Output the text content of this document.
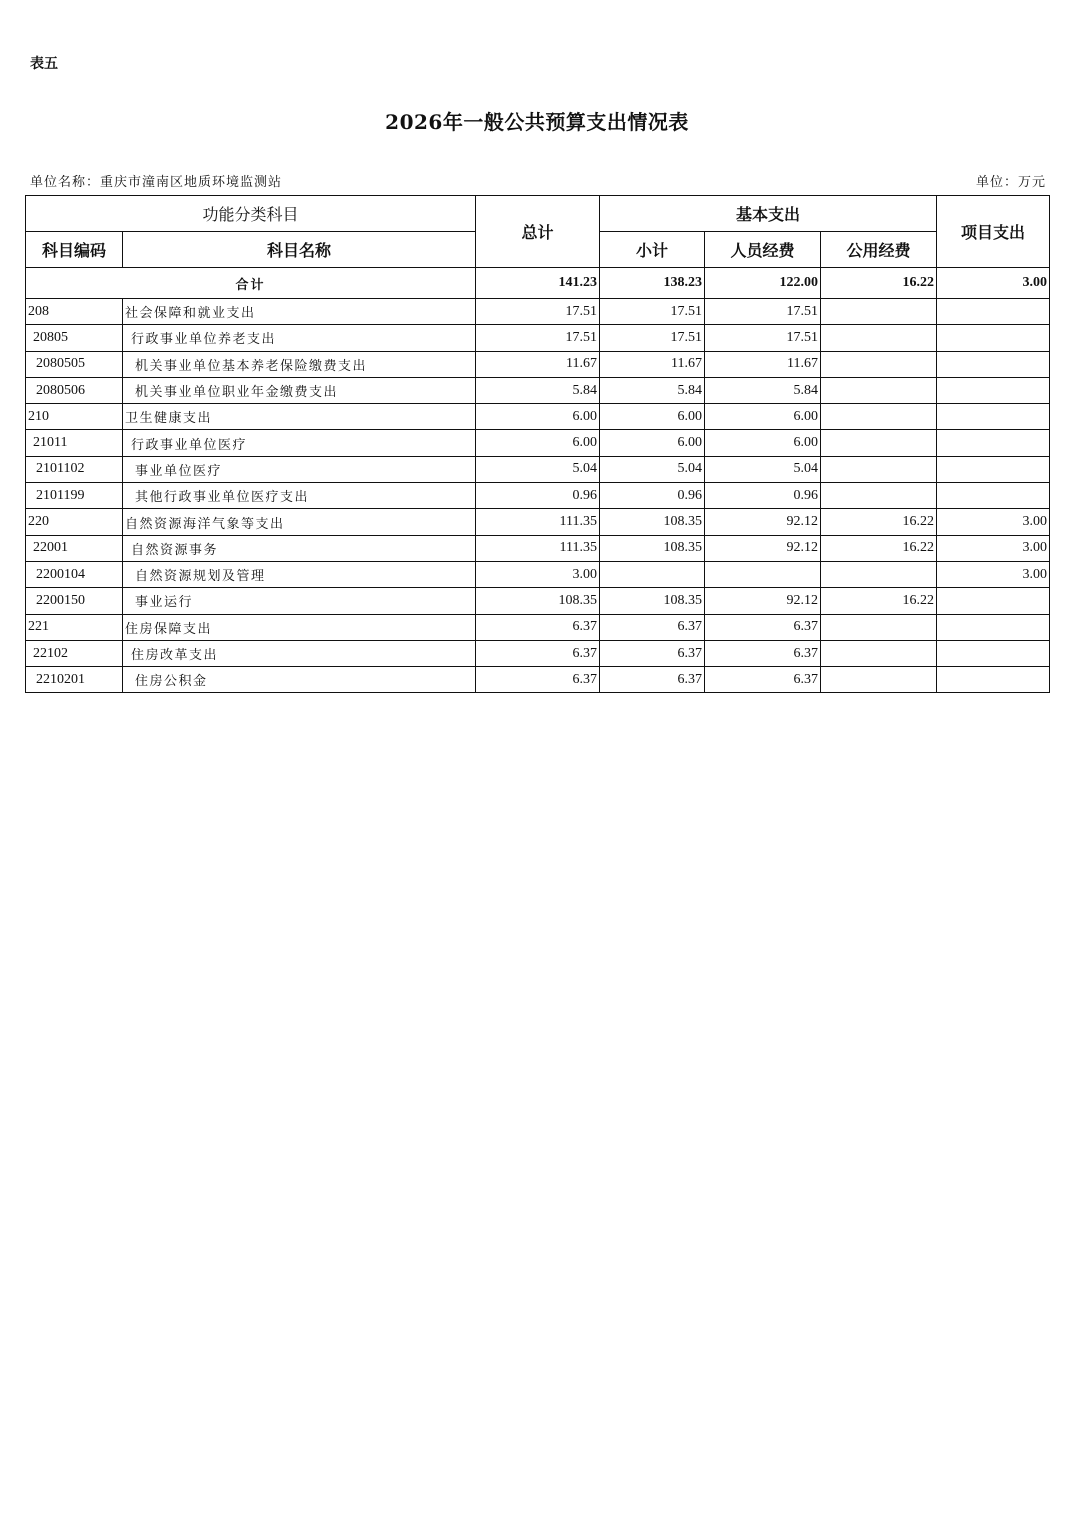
表五
2026年一般公共预算支出情况表
单位名称：重庆市潼南区地质环境监测站	单位：万元
功能分类科目		总计	基本支出			项目支出
科目编码	科目名称		小计	人员经费	公用经费	
合计		141.23	138.23	122.00	16.22	3.00
208	社会保障和就业支出	17.51	17.51	17.51		
20805	行政事业单位养老支出	17.51	17.51	17.51		
2080505	机关事业单位基本养老保险缴费支出	11.67	11.67	11.67		
2080506	机关事业单位职业年金缴费支出	5.84	5.84	5.84		
210	卫生健康支出	6.00	6.00	6.00		
21011	行政事业单位医疗	6.00	6.00	6.00		
2101102	事业单位医疗	5.04	5.04	5.04		
2101199	其他行政事业单位医疗支出	0.96	0.96	0.96		
220	自然资源海洋气象等支出	111.35	108.35	92.12	16.22	3.00
22001	自然资源事务	111.35	108.35	92.12	16.22	3.00
2200104	自然资源规划及管理	3.00				3.00
2200150	事业运行	108.35	108.35	92.12	16.22	
221	住房保障支出	6.37	6.37	6.37		
22102	住房改革支出	6.37	6.37	6.37		
2210201	住房公积金	6.37	6.37	6.37		
